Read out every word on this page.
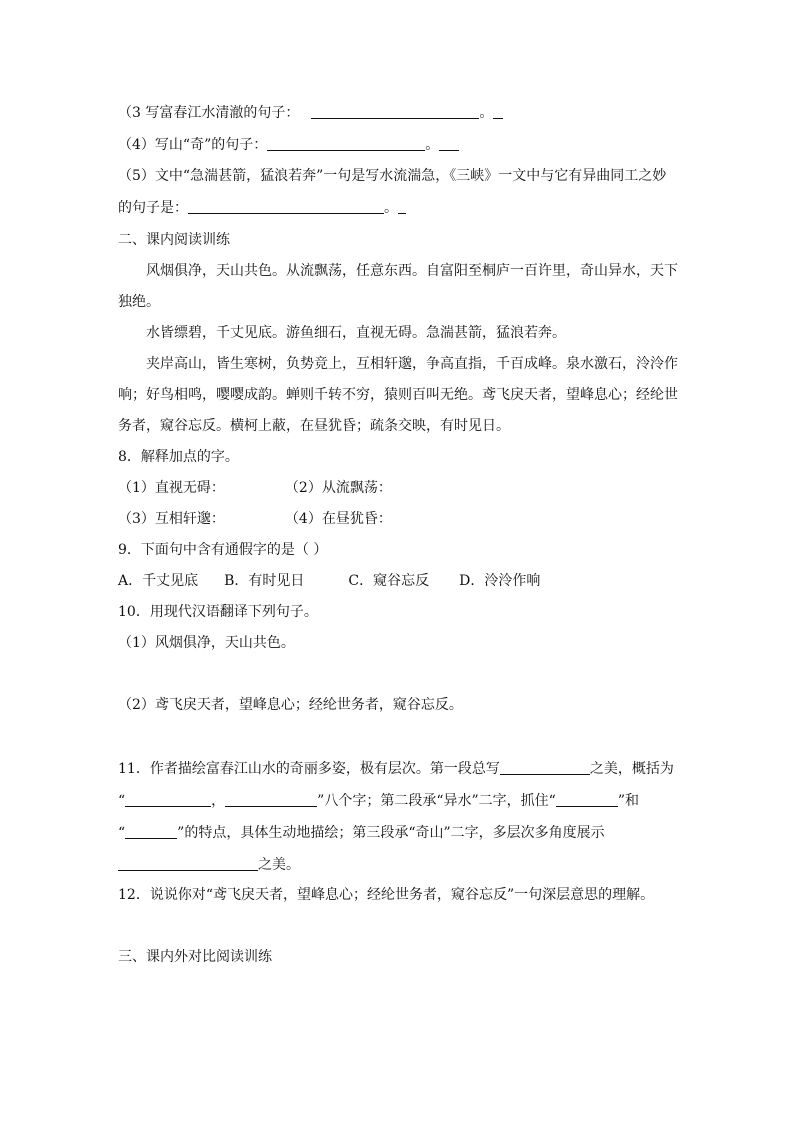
（3 写富春江水清澈的句子：	。
（4）写山“奇”的句子：	。
（5）文中“急湍甚箭，猛浪若奔”一句是写水流湍急，《三峡》一文中与它有异曲同工之妙
的句子是：	。
二、课内阅读训练
风烟俱净，天山共色。从流飘荡，任意东西。自富阳至桐庐一百许里，奇山异水，天下
独绝。
水皆缥碧，千丈见底。游鱼细石，直视无碍。急湍甚箭，猛浪若奔。
夹岸高山，皆生寒树，负势竞上，互相轩邈，争高直指，千百成峰。泉水激石，泠泠作
响；好鸟相鸣，嘤嘤成韵。蝉则千转不穷，猿则百叫无绝。鸢飞戾天者，望峰息心；经纶世
务者，窥谷忘反。横柯上蔽，在昼犹昏；疏条交映，有时见日。
8．解释加点的字。
（1）直视无碍：	（2）从流飘荡：
（3）互相轩邈：	（4）在昼犹昏：
9．下面句中含有通假字的是（ ）
A．千丈见底 B．有时见日	C．窥谷忘反 D．泠泠作响
10．用现代汉语翻译下列句子。
（1）风烟俱净，天山共色。
（2）鸢飞戾天者，望峰息心；经纶世务者，窥谷忘反。
11．作者描绘富春江山水的奇丽多姿，极有层次。第一段总写	之美，概括为
“	，	”八个字；第二段承“异水”二字，抓住“	”和
“	”的特点，具体生动地描绘；第三段承“奇山”二字，多层次多角度展示
之美。
12．说说你对“鸢飞戾天者，望峰息心；经纶世务者，窥谷忘反”一句深层意思的理解。
三、课内外对比阅读训练
